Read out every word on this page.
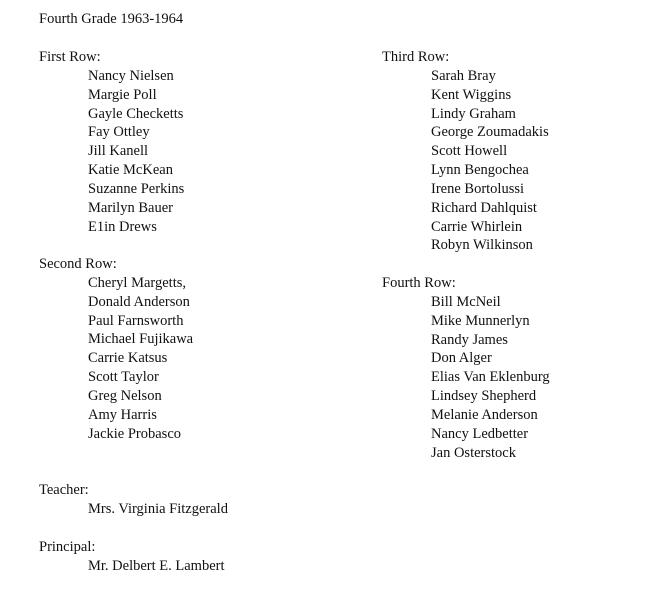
Fourth Grade 1963-1964
First Row:
Nancy Nielsen
Margie Poll
Gayle Checketts
Fay Ottley
Jill Kanell
Katie McKean
Suzanne Perkins
Marilyn Bauer
E1in Drews
Second Row:
Cheryl Margetts,
Donald Anderson
Paul Farnsworth
Michael Fujikawa
Carrie Katsus
Scott Taylor
Greg Nelson
Amy Harris
Jackie Probasco
Third Row:
Sarah Bray
Kent Wiggins
Lindy Graham
George Zoumadakis
Scott Howell
Lynn Bengochea
Irene Bortolussi
Richard Dahlquist
Carrie Whirlein
Robyn Wilkinson
Fourth Row:
Bill McNeil
Mike Munnerlyn
Randy James
Don Alger
Elias Van Eklenburg
Lindsey Shepherd
Melanie Anderson
Nancy Ledbetter
Jan Osterstock
Teacher:
Mrs. Virginia Fitzgerald
Principal:
Mr. Delbert E. Lambert
